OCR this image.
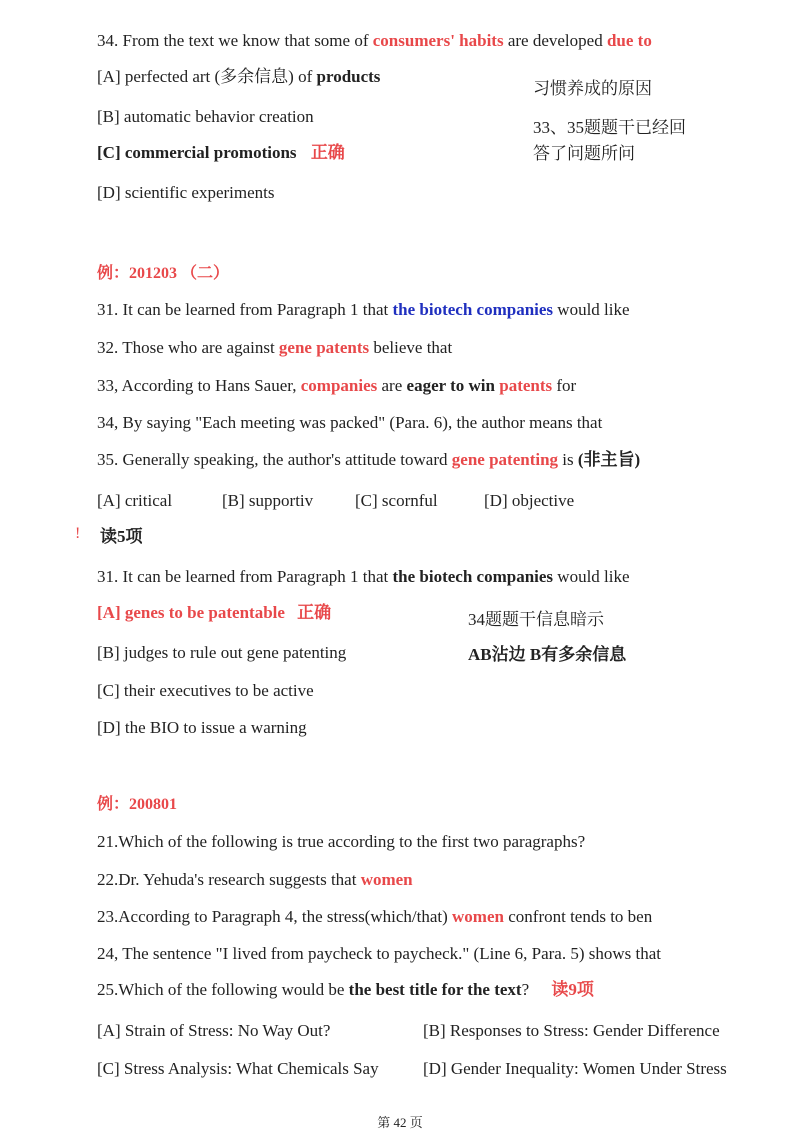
34. From the text we know that some of consumers' habits are developed due to
[A] perfected art (多余信息) of products
[B] automatic behavior creation
[C] commercial promotions 正确
[D] scientific experiments
习惯养成的原因
33、35题题干已经回
答了问题所问
例：201203 （二）
31. It can be learned from Paragraph 1 that the biotech companies would like
32. Those who are against gene patents believe that
33, According to Hans Sauer, companies are eager to win patents for
34, By saying "Each meeting was packed" (Para. 6), the author means that
35. Generally speaking, the author's attitude toward gene patenting is (非主旨)
[A] critical	[B] supportiv [C] scornful	[D] objective
! 读5项
31. It can be learned from Paragraph 1 that the biotech companies would like
[A] genes to be patentable 正确
[B] judges to rule out gene patenting
[C] their executives to be active
[D] the BIO to issue a warning
34题题干信息暗示
AB沾边 B有多余信息
例：200801
21.Which of the following is true according to the first two paragraphs?
22.Dr. Yehuda's research suggests that women
23.According to Paragraph 4, the stress(which/that) women confront tends to ben
24, The sentence "I lived from paycheck to paycheck." (Line 6, Para. 5) shows that
25.Which of the following would be the best title for the text? 读9项
[A] Strain of Stress: No Way Out?	[B] Responses to Stress: Gender Difference
[C] Stress Analysis: What Chemicals Say	[D] Gender Inequality: Women Under Stress
第 42 页
